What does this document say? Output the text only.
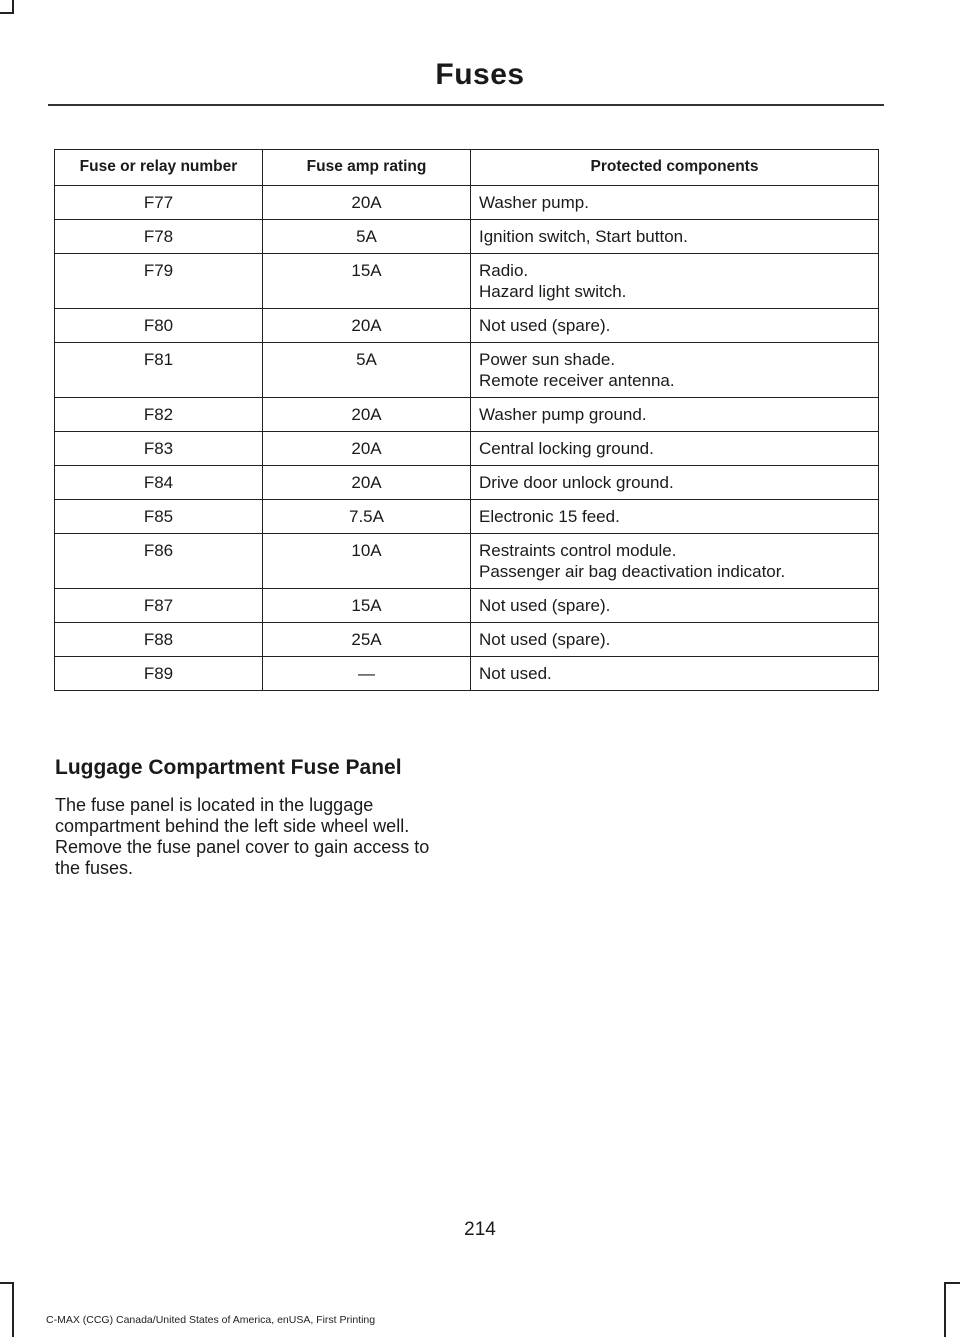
Fuses
Fuse or relay number	Fuse amp rating	Protected components
F77	20A	Washer pump.

F78	5A	Ignition switch, Start button.

F79	15A	Radio.
Hazard light switch.

F80	20A	Not used (spare).

F81	5A	Power sun shade.
Remote receiver antenna.

F82	20A	Washer pump ground.

F83	20A	Central locking ground.

F84	20A	Drive door unlock ground.

F85	7.5A	Electronic 15 feed.

F86	10A	Restraints control module.
Passenger air bag deactivation indicator.

F87	15A	Not used (spare).

F88	25A	Not used (spare).

F89	—	Not used.
Luggage Compartment Fuse Panel

The fuse panel is located in the luggage compartment behind the left side wheel well. Remove the fuse panel cover to gain access to the fuses.

214
C-MAX (CCG) Canada/United States of America, enUSA, First Printing
